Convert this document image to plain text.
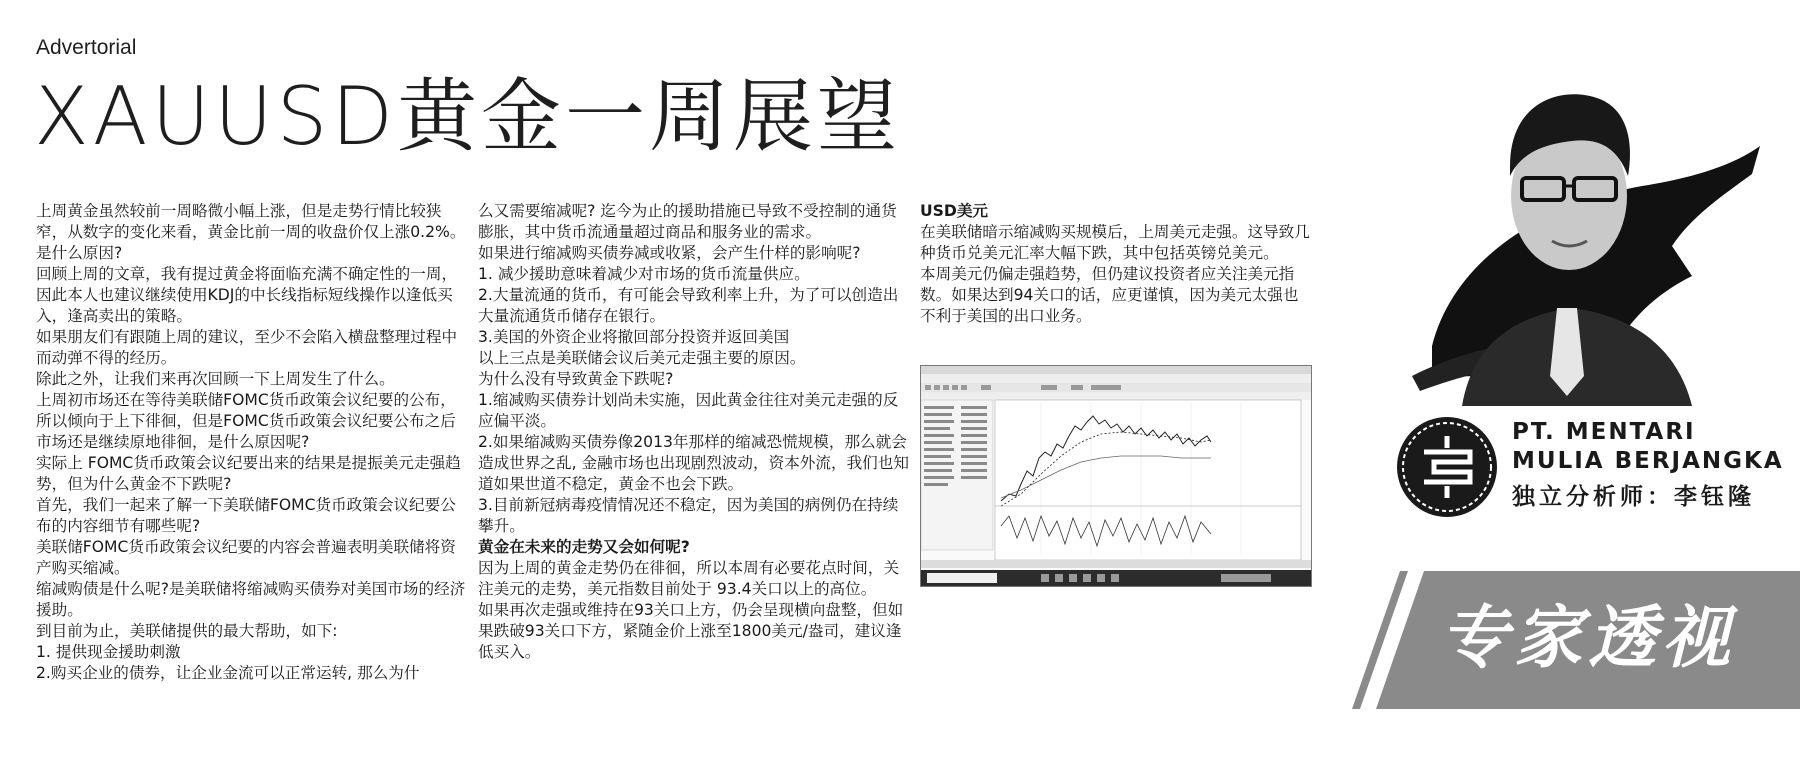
Advertorial
XAUUSD黄金一周展望

上周黄金虽然较前一周略微小幅上涨，但是走势行情比较狭窄，从数字的变化来看，黄金比前一周的收盘价仅上涨0.2%。

是什么原因?

回顾上周的文章，我有提过黄金将面临充满不确定性的一周，因此本人也建议继续使用KDJ的中长线指标短线操作以逢低买入，逢高卖出的策略。

如果朋友们有跟随上周的建议，至少不会陷入横盘整理过程中而动弹不得的经历。

除此之外，让我们来再次回顾一下上周发生了什么。

上周初市场还在等待美联储FOMC货币政策会议纪要的公布，所以倾向于上下徘徊，但是FOMC货币政策会议纪要公布之后市场还是继续原地徘徊，是什么原因呢?

实际上 FOMC货币政策会议纪要出来的结果是提振美元走强趋势，但为什么黄金不下跌呢?

首先，我们一起来了解一下美联储FOMC货币政策会议纪要公布的内容细节有哪些呢?

美联储FOMC货币政策会议纪要的内容会普遍表明美联储将资产购买缩减。

缩减购债是什么呢?是美联储将缩减购买债券对美国市场的经济援助。

到目前为止，美联储提供的最大帮助，如下:

1. 提供现金援助刺激

2.购买企业的债券，让企业金流可以正常运转, 那么为什

么又需要缩减呢? 迄今为止的援助措施已导致不受控制的通货膨胀，其中货币流通量超过商品和服务业的需求。

如果进行缩减购买债券减或收紧，会产生什样的影响呢?

1. 减少援助意味着减少对市场的货币流量供应。

2.大量流通的货币，有可能会导致利率上升，为了可以创造出大量流通货币储存在银行。

3.美国的外资企业将撤回部分投资并返回美国

以上三点是美联储会议后美元走强主要的原因。

为什么没有导致黄金下跌呢?

1.缩减购买债券计划尚未实施，因此黄金往往对美元走强的反应偏平淡。

2.如果缩减购买债券像2013年那样的缩减恐慌规模，那么就会造成世界之乱, 金融市场也出现剧烈波动，资本外流，我们也知道如果世道不稳定，黄金不也会下跌。

3.目前新冠病毒疫情情况还不稳定，因为美国的病例仍在持续攀升。

黄金在未来的走势又会如何呢?

因为上周的黄金走势仍在徘徊，所以本周有必要花点时间，关注美元的走势，美元指数目前处于 93.4关口以上的高位。

如果再次走强或维持在93关口上方，仍会呈现横向盘整，但如果跌破93关口下方，紧随金价上涨至1800美元/盎司，建议逢低买入。

USD美元

在美联储暗示缩减购买规模后，上周美元走强。这导致几种货币兑美元汇率大幅下跌，其中包括英镑兑美元。

本周美元仍偏走强趋势，但仍建议投资者应关注美元指数。如果达到94关口的话，应更谨慎，因为美元太强也不利于美国的出口业务。

PT. MENTARI
MULIA BERJANGKA
独立分析师：李钰隆
专家透视
